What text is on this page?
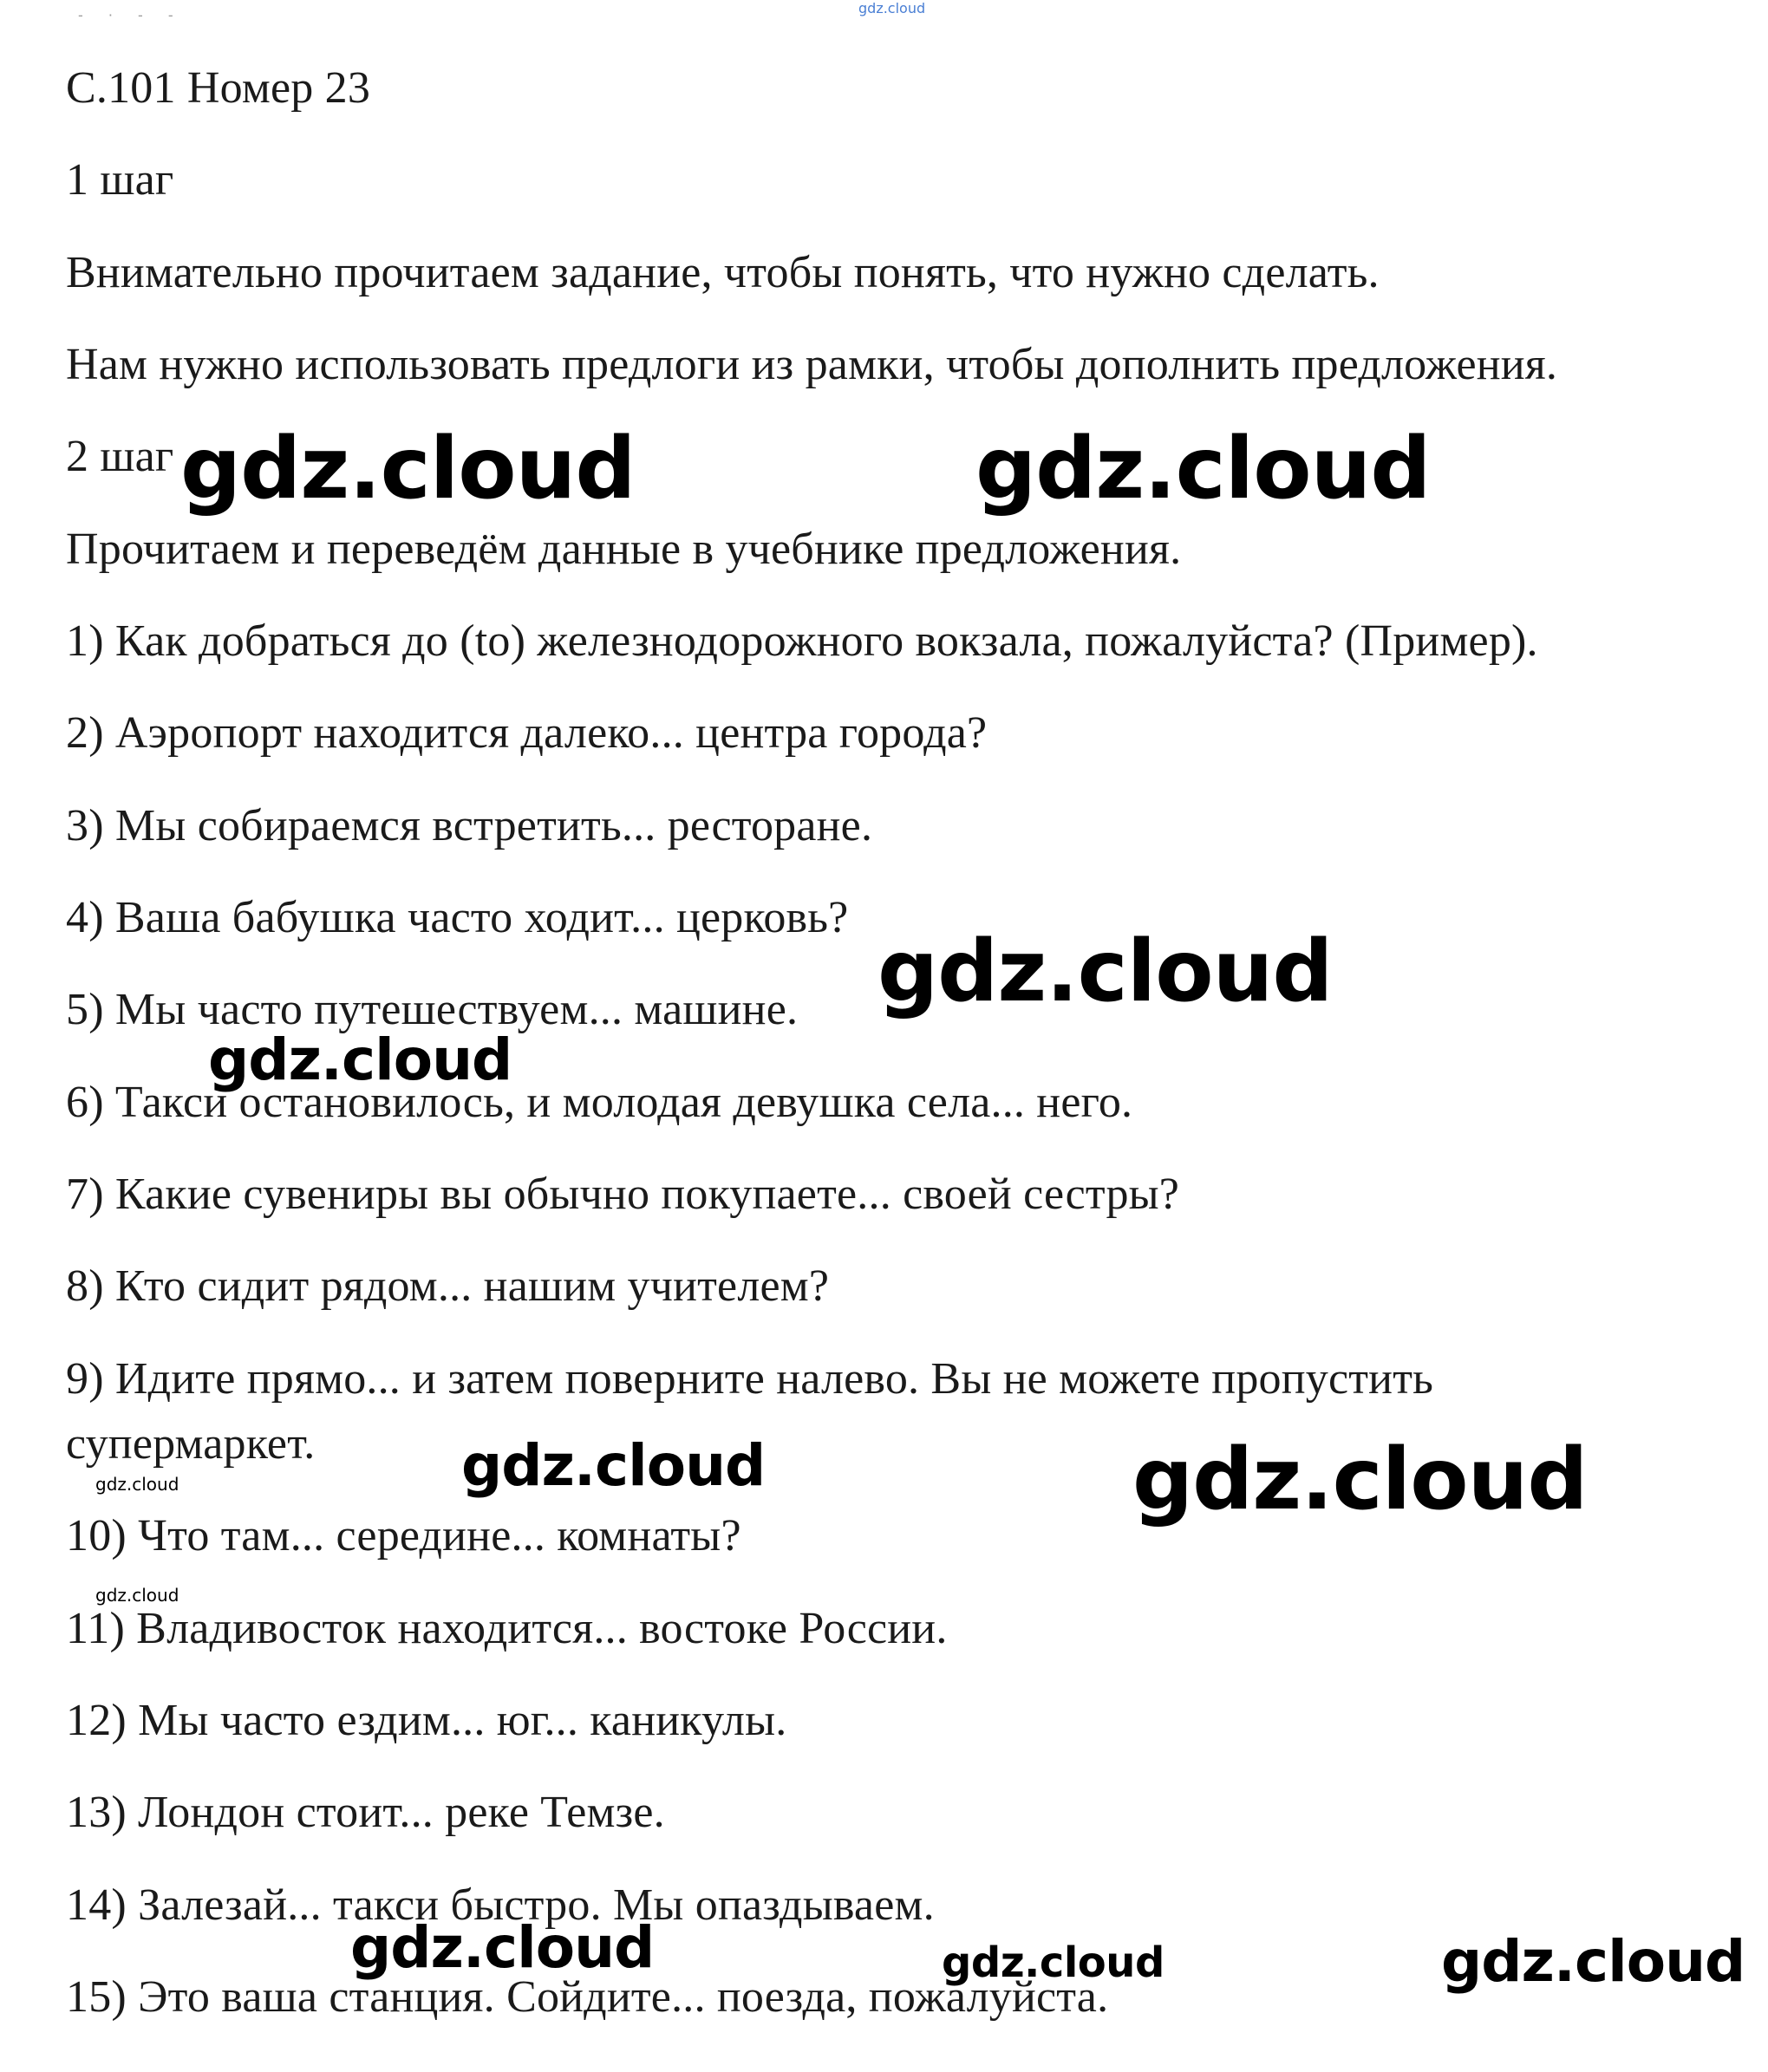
- · - -	gdz.cloud
С.101 Номер 23
1 шаг
Внимательно прочитаем задание, чтобы понять, что нужно сделать.
Нам нужно использовать предлоги из рамки, чтобы дополнить предложения.
2 шаг
Прочитаем и переведём данные в учебнике предложения.
1) Как добраться до (to) железнодорожного вокзала, пожалуйста? (Пример).
2) Аэропорт находится далеко... центра города?
3) Мы собираемся встретить... ресторане.
4) Ваша бабушка часто ходит... церковь?
5) Мы часто путешествуем... машине.
6) Такси остановилось, и молодая девушка села... него.
7) Какие сувениры вы обычно покупаете... своей сестры?
8) Кто сидит рядом... нашим учителем?
9) Идите прямо... и затем поверните налево. Вы не можете пропустить
супермаркет.
10) Что там... середине... комнаты?
11) Владивосток находится... востоке России.
12) Мы часто ездим... юг... каникулы.
13) Лондон стоит... реке Темзе.
14) Залезай... такси быстро. Мы опаздываем.
15) Это ваша станция. Сойдите... поезда, пожалуйста.
gdz.cloud	gdz.cloud
gdz.cloud
gdz.cloud
gdz.cloud	gdz.cloud
gdz.cloud
gdz.cloud
gdz.cloud	gdz.cloud	gdz.cloud
